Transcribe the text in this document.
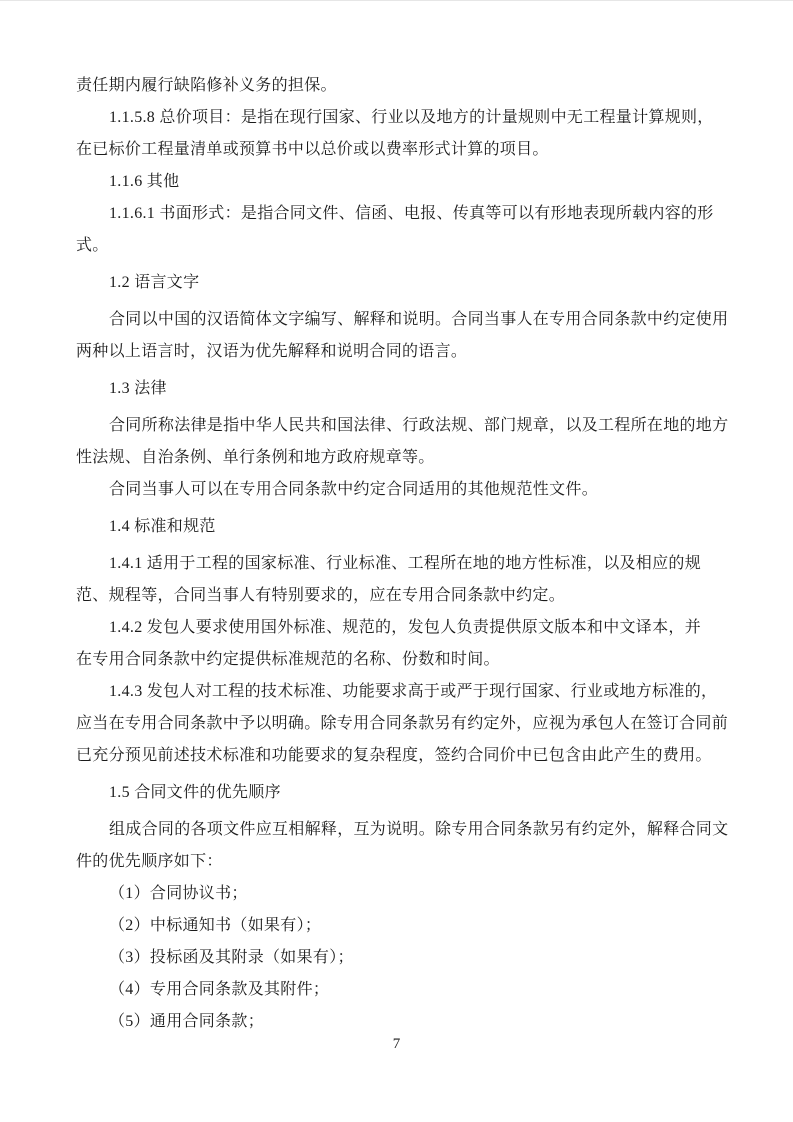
责任期内履行缺陷修补义务的担保。

1.1.5.8 总价项目：是指在现行国家、行业以及地方的计量规则中无工程量计算规则，

在已标价工程量清单或预算书中以总价或以费率形式计算的项目。

1.1.6 其他

1.1.6.1 书面形式：是指合同文件、信函、电报、传真等可以有形地表现所载内容的形

式。

1.2 语言文字

合同以中国的汉语简体文字编写、解释和说明。合同当事人在专用合同条款中约定使用

两种以上语言时，汉语为优先解释和说明合同的语言。

1.3 法律

合同所称法律是指中华人民共和国法律、行政法规、部门规章，以及工程所在地的地方

性法规、自治条例、单行条例和地方政府规章等。

合同当事人可以在专用合同条款中约定合同适用的其他规范性文件。

1.4 标准和规范

1.4.1 适用于工程的国家标准、行业标准、工程所在地的地方性标准，以及相应的规

范、规程等，合同当事人有特别要求的，应在专用合同条款中约定。

1.4.2 发包人要求使用国外标准、规范的，发包人负责提供原文版本和中文译本，并

在专用合同条款中约定提供标准规范的名称、份数和时间。

1.4.3 发包人对工程的技术标准、功能要求高于或严于现行国家、行业或地方标准的，

应当在专用合同条款中予以明确。除专用合同条款另有约定外，应视为承包人在签订合同前

已充分预见前述技术标准和功能要求的复杂程度，签约合同价中已包含由此产生的费用。

1.5 合同文件的优先顺序

组成合同的各项文件应互相解释，互为说明。除专用合同条款另有约定外，解释合同文

件的优先顺序如下：

（1）合同协议书；

（2）中标通知书（如果有）；

（3）投标函及其附录（如果有）；

（4）专用合同条款及其附件；

（5）通用合同条款；

7
